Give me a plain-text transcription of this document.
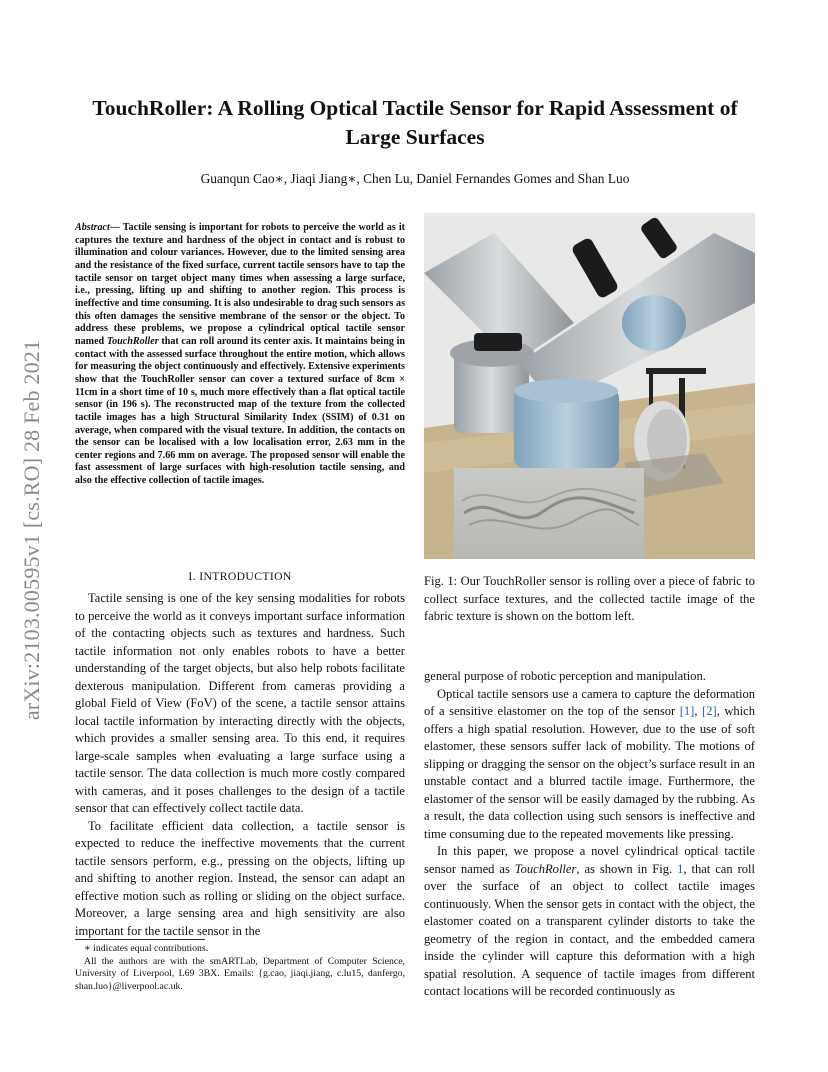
arXiv:2103.00595v1 [cs.RO] 28 Feb 2021
TouchRoller: A Rolling Optical Tactile Sensor for Rapid Assessment of Large Surfaces
Guanqun Cao∗, Jiaqi Jiang∗, Chen Lu, Daniel Fernandes Gomes and Shan Luo
Abstract— Tactile sensing is important for robots to perceive the world as it captures the texture and hardness of the object in contact and is robust to illumination and colour variances. However, due to the limited sensing area and the resistance of the fixed surface, current tactile sensors have to tap the tactile sensor on target object many times when assessing a large surface, i.e., pressing, lifting up and shifting to another region. This process is ineffective and time consuming. It is also undesirable to drag such sensors as this often damages the sensitive membrane of the sensor or the object. To address these problems, we propose a cylindrical optical tactile sensor named TouchRoller that can roll around its center axis. It maintains being in contact with the assessed surface throughout the entire motion, which allows for measuring the object continuously and effectively. Extensive experiments show that the TouchRoller sensor can cover a textured surface of 8cm × 11cm in a short time of 10 s, much more effectively than a flat optical tactile sensor (in 196 s). The reconstructed map of the texture from the collected tactile images has a high Structural Similarity Index (SSIM) of 0.31 on average, when compared with the visual texture. In addition, the contacts on the sensor can be localised with a low localisation error, 2.63 mm in the center regions and 7.66 mm on average. The proposed sensor will enable the fast assessment of large surfaces with high-resolution tactile sensing, and also the effective collection of tactile images.
I. INTRODUCTION

Tactile sensing is one of the key sensing modalities for robots to perceive the world as it conveys important surface information of the contacting objects such as textures and hardness. Such tactile information not only enables robots to have a better understanding of the target objects, but also help robots facilitate dexterous manipulation. Different from cameras providing a global Field of View (FoV) of the scene, a tactile sensor attains local tactile information by interacting directly with the objects, which provides a smaller sensing area. To this end, it requires large-scale samples when evaluating a large surface using a tactile sensor. The data collection is much more costly compared with cameras, and it poses challenges to the design of a tactile sensor that can effectively collect tactile data.

To facilitate efficient data collection, a tactile sensor is expected to reduce the ineffective movements that the current tactile sensors perform, e.g., pressing on the objects, lifting up and shifting to another region. Instead, the sensor can adapt an effective motion such as rolling or sliding on the object surface. Moreover, a large sensing area and high sensitivity are also important for the tactile sensor in the

∗ indicates equal contributions.

All the authors are with the smARTLab, Department of Computer Science, University of Liverpool, L69 3BX. Emails: {g.cao, jiaqi.jiang, c.lu15, danfergo, shan.luo}@liverpool.ac.uk.

Fig. 1: Our TouchRoller sensor is rolling over a piece of fabric to collect surface textures, and the collected tactile image of the fabric texture is shown on the bottom left.

general purpose of robotic perception and manipulation.

Optical tactile sensors use a camera to capture the deformation of a sensitive elastomer on the top of the sensor [1], [2], which offers a high spatial resolution. However, due to the use of soft elastomer, these sensors suffer lack of mobility. The motions of slipping or dragging the sensor on the object’s surface result in an unstable contact and a blurred tactile image. Furthermore, the elastomer of the sensor will be easily damaged by the rubbing. As a result, the data collection using such sensors is ineffective and time consuming due to the repeated movements like pressing.

In this paper, we propose a novel cylindrical optical tactile sensor named as TouchRoller, as shown in Fig. 1, that can roll over the surface of an object to collect tactile images continuously. When the sensor gets in contact with the object, the elastomer coated on a transparent cylinder distorts to take the geometry of the region in contact, and the embedded camera inside the cylinder will capture this deformation with a high spatial resolution. A sequence of tactile images from different contact locations will be recorded continuously as
